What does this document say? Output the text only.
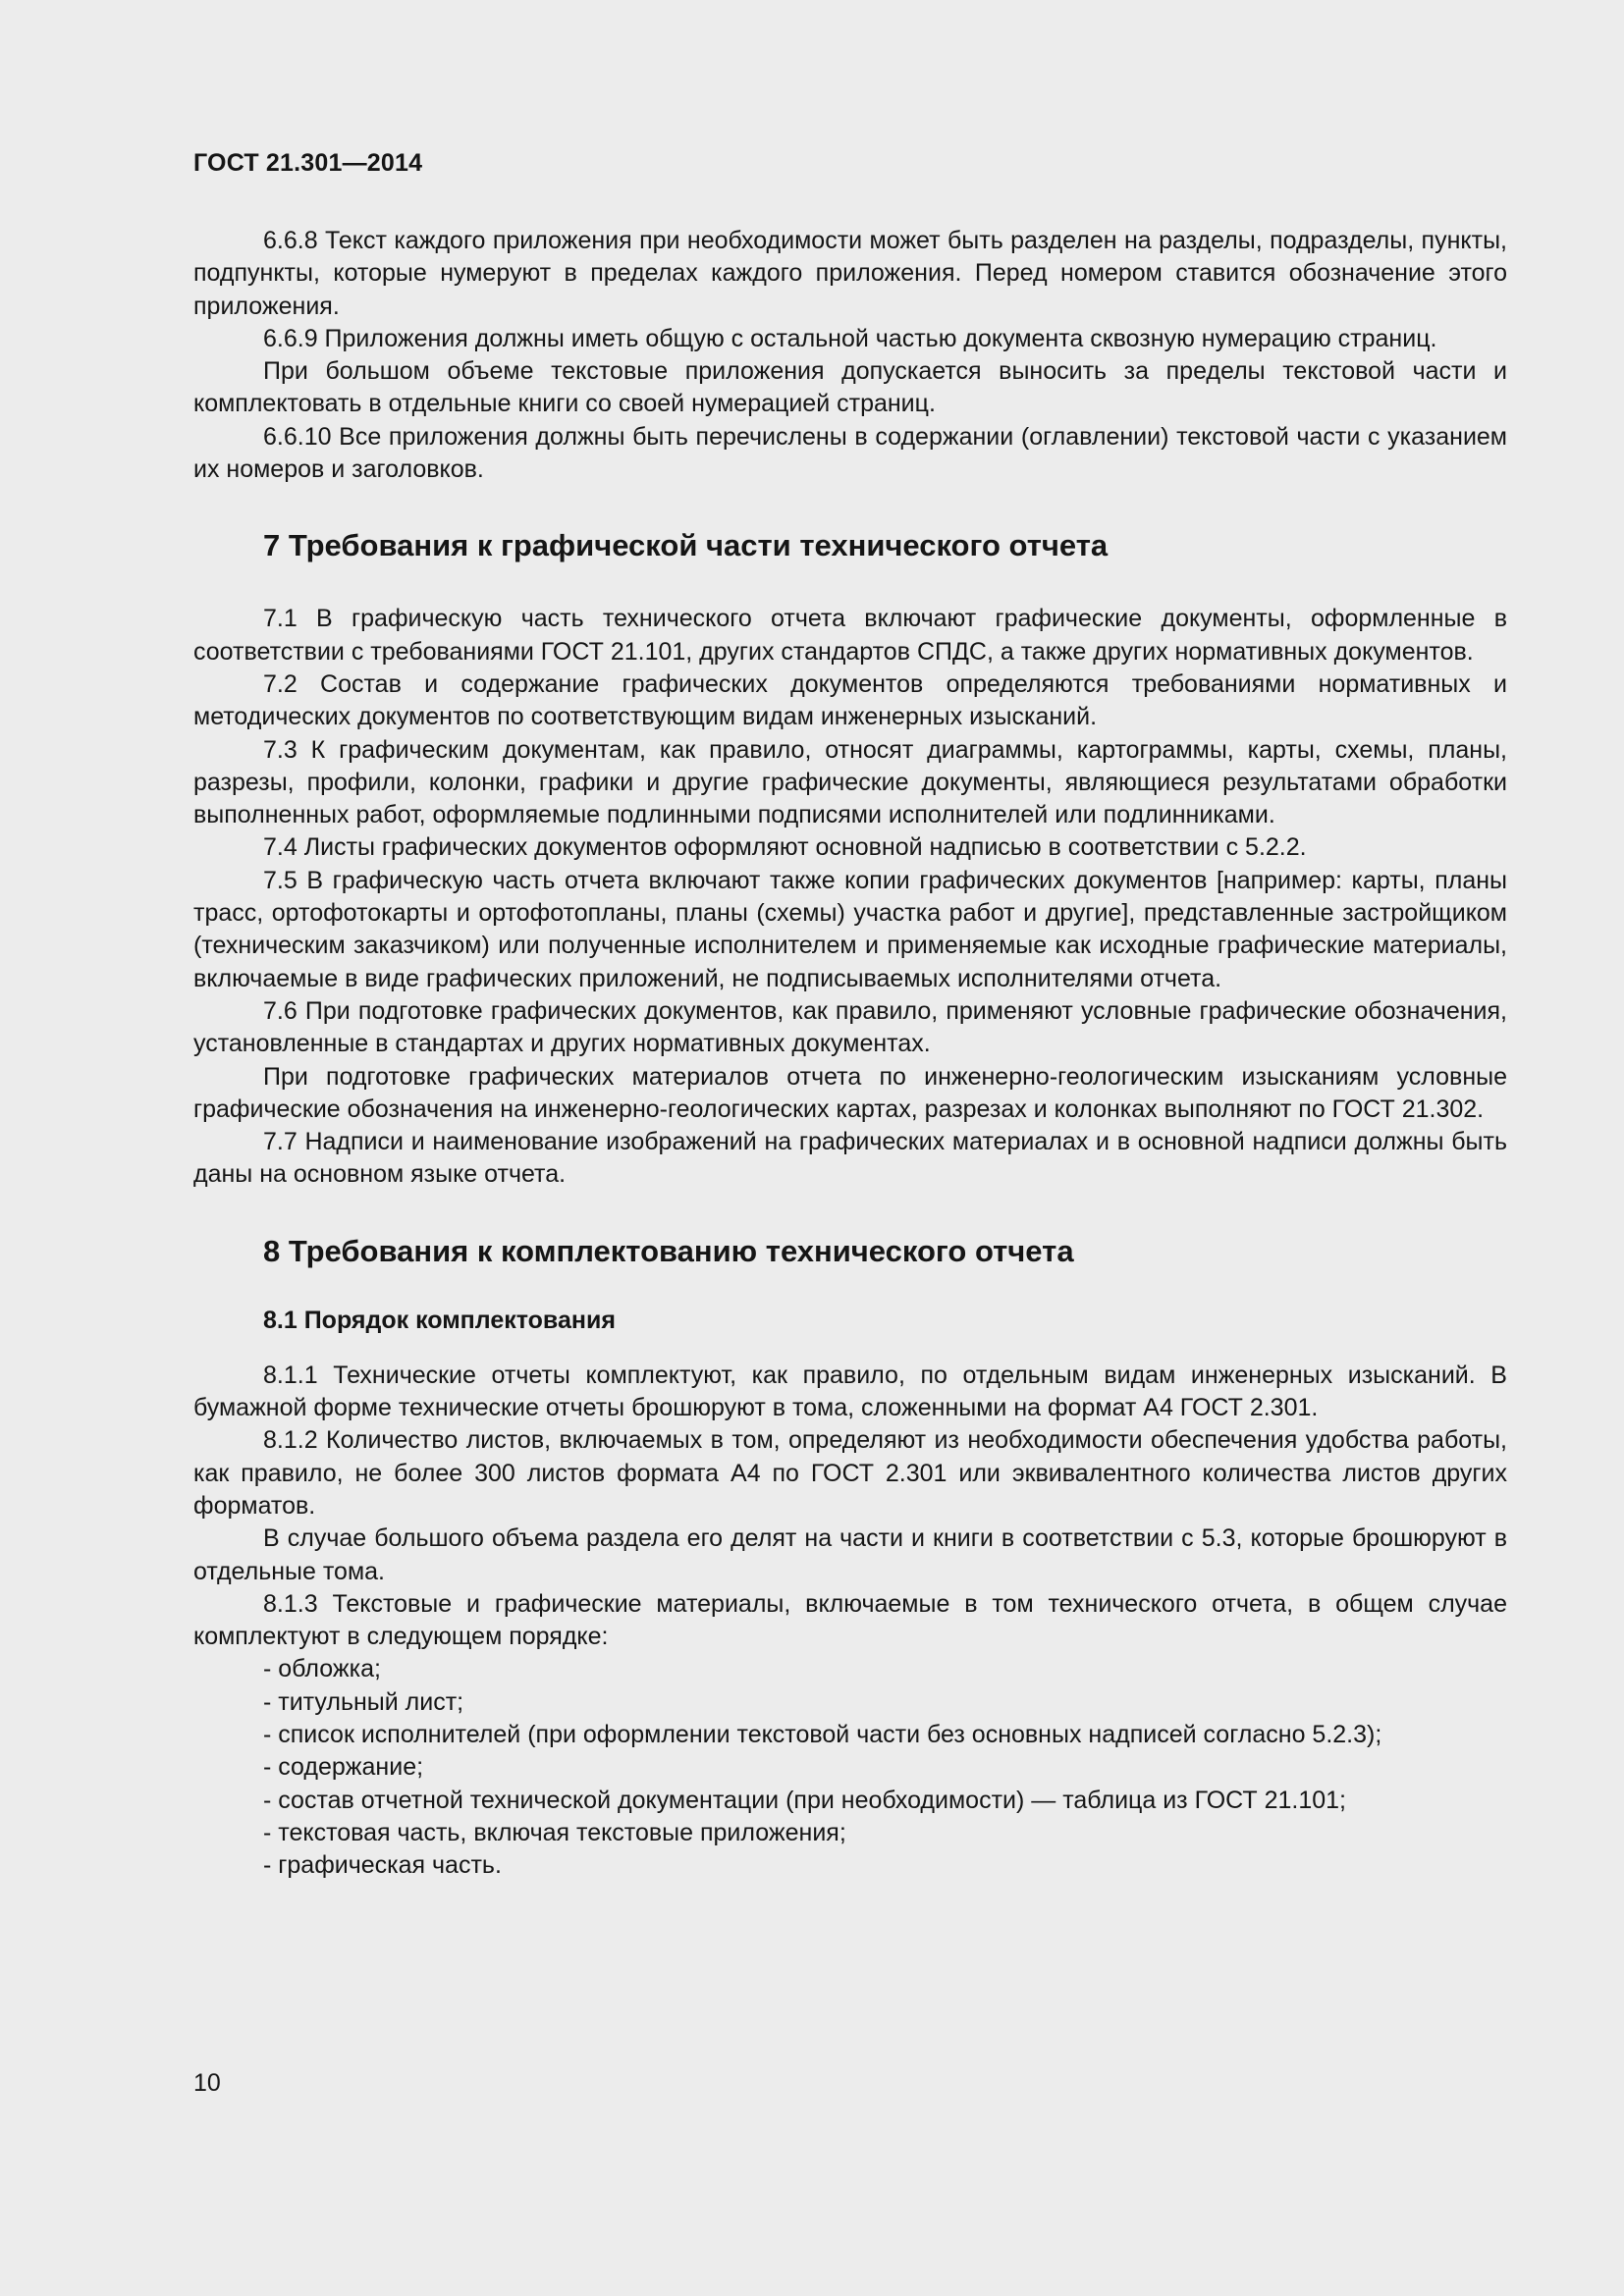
ГОСТ 21.301—2014

6.6.8 Текст каждого приложения при необходимости может быть разделен на разделы, подразделы, пункты, подпункты, которые нумеруют в пределах каждого приложения. Перед номером ставится обозначение этого приложения.

6.6.9 Приложения должны иметь общую с остальной частью документа сквозную нумерацию страниц.

При большом объеме текстовые приложения допускается выносить за пределы текстовой части и комплектовать в отдельные книги со своей нумерацией страниц.

6.6.10 Все приложения должны быть перечислены в содержании (оглавлении) текстовой части с указанием их номеров и заголовков.

7 Требования к графической части технического отчета

7.1 В графическую часть технического отчета включают графические документы, оформленные в соответствии с требованиями ГОСТ 21.101, других стандартов СПДС, а также других нормативных документов.

7.2 Состав и содержание графических документов определяются требованиями нормативных и методических документов по соответствующим видам инженерных изысканий.

7.3 К графическим документам, как правило, относят диаграммы, картограммы, карты, схемы, планы, разрезы, профили, колонки, графики и другие графические документы, являющиеся результатами обработки выполненных работ, оформляемые подлинными подписями исполнителей или подлинниками.

7.4 Листы графических документов оформляют основной надписью в соответствии с 5.2.2.

7.5 В графическую часть отчета включают также копии графических документов [например: карты, планы трасс, ортофотокарты и ортофотопланы, планы (схемы) участка работ и другие], представленные застройщиком (техническим заказчиком) или полученные исполнителем и применяемые как исходные графические материалы, включаемые в виде графических приложений, не подписываемых исполнителями отчета.

7.6 При подготовке графических документов, как правило, применяют условные графические обозначения, установленные в стандартах и других нормативных документах.

При подготовке графических материалов отчета по инженерно-геологическим изысканиям условные графические обозначения на инженерно-геологических картах, разрезах и колонках выполняют по ГОСТ 21.302.

7.7 Надписи и наименование изображений на графических материалах и в основной надписи должны быть даны на основном языке отчета.

8 Требования к комплектованию технического отчета
8.1 Порядок комплектования

8.1.1 Технические отчеты комплектуют, как правило, по отдельным видам инженерных изысканий. В бумажной форме технические отчеты брошюруют в тома, сложенными на формат А4 ГОСТ 2.301.

8.1.2 Количество листов, включаемых в том, определяют из необходимости обеспечения удобства работы, как правило, не более 300 листов формата А4 по ГОСТ 2.301 или эквивалентного количества листов других форматов.

В случае большого объема раздела его делят на части и книги в соответствии с 5.3, которые брошюруют в отдельные тома.

8.1.3 Текстовые и графические материалы, включаемые в том технического отчета, в общем случае комплектуют в следующем порядке:

- обложка;

- титульный лист;

- список исполнителей (при оформлении текстовой части без основных надписей согласно 5.2.3);

- содержание;

- состав отчетной технической документации (при необходимости) — таблица из ГОСТ 21.101;

- текстовая часть, включая текстовые приложения;

- графическая часть.

10
